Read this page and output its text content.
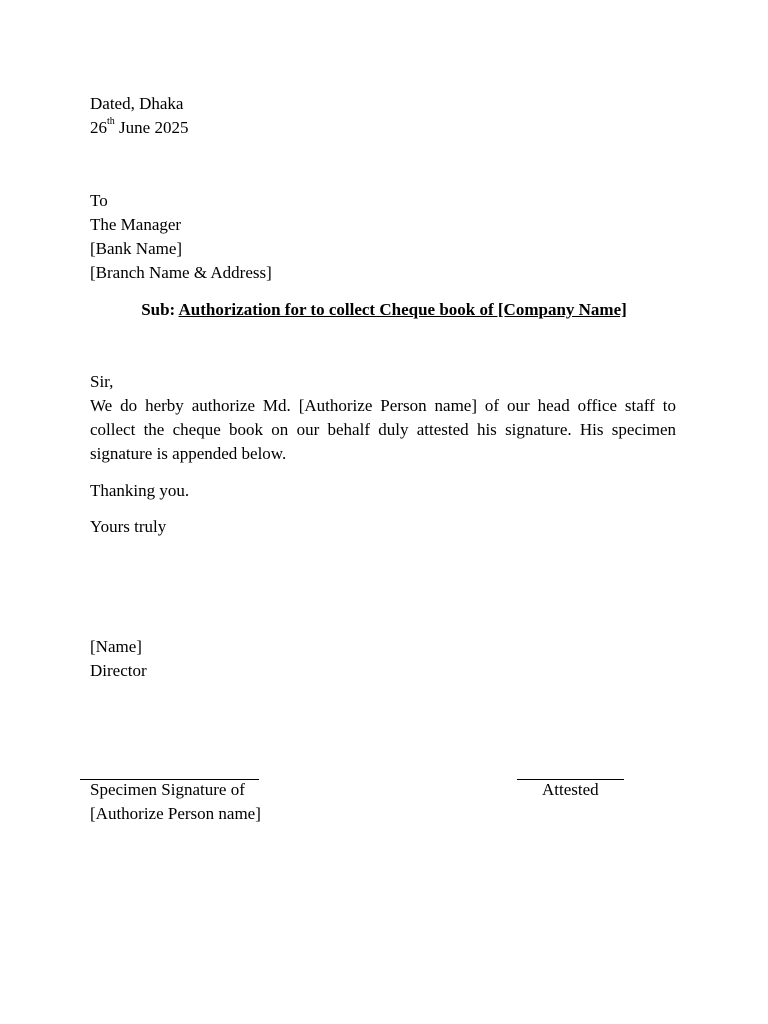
Dated, Dhaka
26th June 2025
To
The Manager
[Bank Name]
[Branch Name & Address]
Sub: Authorization for to collect Cheque book of [Company Name]
Sir,
We do herby authorize Md. [Authorize Person name] of our head office staff to collect the cheque book on our behalf duly attested his signature. His specimen signature is appended below.
Thanking you.
Yours truly
[Name]
Director
Specimen Signature of
[Authorize Person name]
Attested
